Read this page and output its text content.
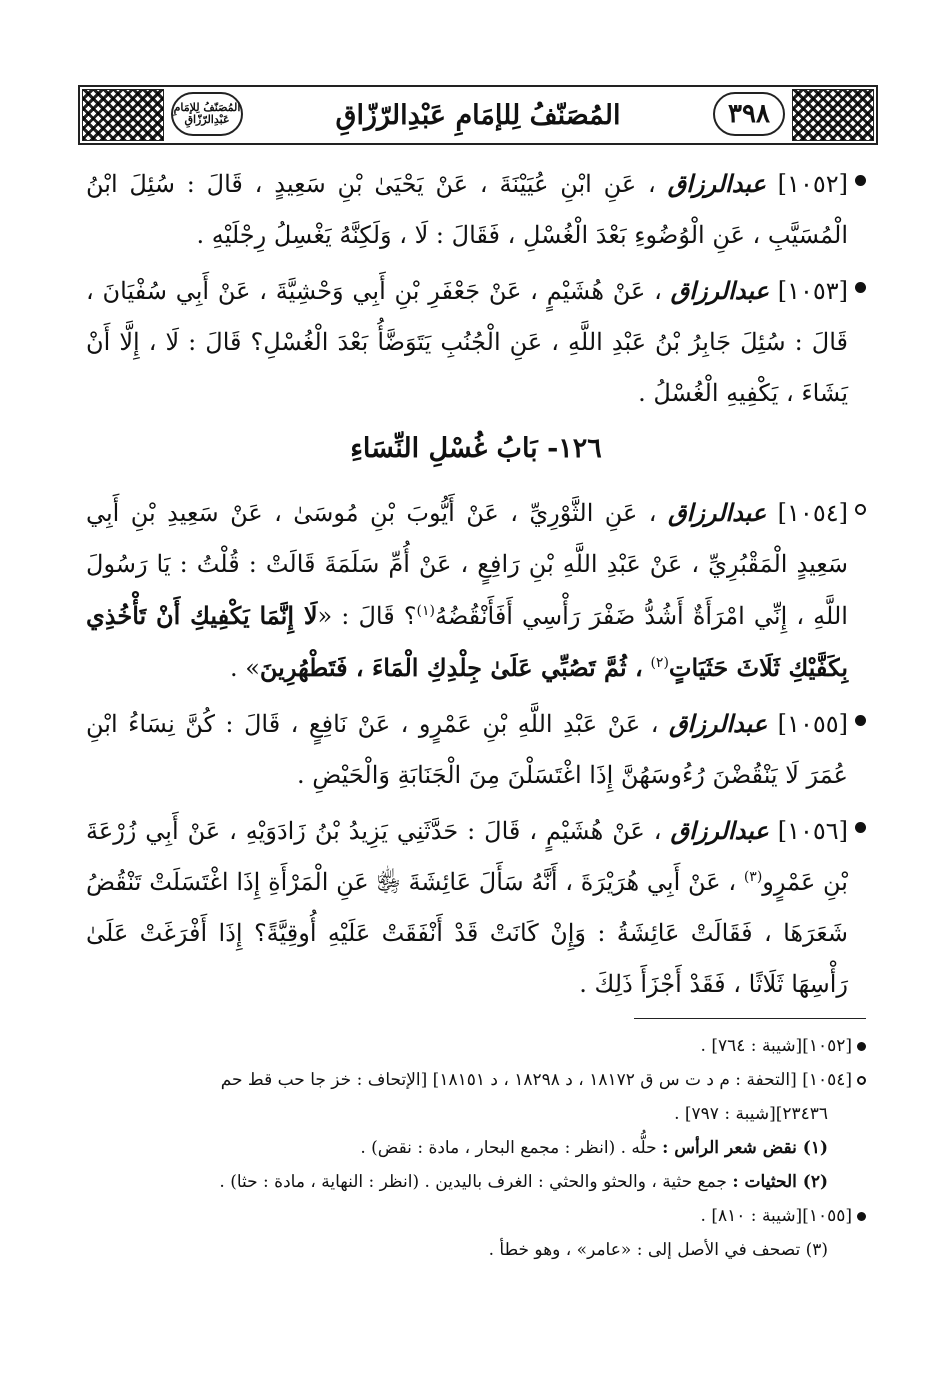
٣٩٨
المُصَنّفُ لِلإمَامِ عَبْدِالرّزّاقِ	المُصَنّفُ لِلإمَامِ عَبْدِالرّزّاقِ

[١٠٥٢] عبدالرزاق ، عَنِ ابْنِ عُيَيْنَةَ ، عَنْ يَحْيَىٰ بْنِ سَعِيدٍ ، قَالَ : سُئِلَ ابْنُ الْمُسَيَّبِ ، عَنِ الْوُضُوءِ بَعْدَ الْغُسْلِ ، فَقَالَ : لَا ، وَلَكِنَّهُ يَغْسِلُ رِجْلَيْهِ .

[١٠٥٣] عبدالرزاق ، عَنْ هُشَيْمٍ ، عَنْ جَعْفَرِ بْنِ أَبِي وَحْشِيَّةَ ، عَنْ أَبِي سُفْيَانَ ، قَالَ : سُئِلَ جَابِرُ بْنُ عَبْدِ اللَّهِ ، عَنِ الْجُنُبِ يَتَوَضَّأُ بَعْدَ الْغُسْلِ؟ قَالَ : لَا ، إِلَّا أَنْ يَشَاءَ ، يَكْفِيهِ الْغُسْلُ .

١٢٦- بَابُ غُسْلِ النِّسَاءِ

[١٠٥٤] عبدالرزاق ، عَنِ الثَّوْرِيِّ ، عَنْ أَيُّوبَ بْنِ مُوسَىٰ ، عَنْ سَعِيدِ بْنِ أَبِي سَعِيدٍ الْمَقْبُرِيِّ ، عَنْ عَبْدِ اللَّهِ بْنِ رَافِعٍ ، عَنْ أُمِّ سَلَمَةَ قَالَتْ : قُلْتُ : يَا رَسُولَ اللَّهِ ، إِنِّي امْرَأَةٌ أَشُدُّ ضَفْرَ رَأْسِي أَفَأَنْقُضُهُ$^{(١)}$؟ قَالَ : «لَا إِنَّمَا يَكْفِيكِ أَنْ تَأْخُذِي بِكَفَّيْكِ ثَلَاثَ حَثَيَاتٍ$^{(٢)}$ ، ثُمَّ تَصُبِّي عَلَىٰ جِلْدِكِ الْمَاءَ ، فَتَطْهُرِينَ» .

[١٠٥٥] عبدالرزاق ، عَنْ عَبْدِ اللَّهِ بْنِ عَمْرٍو ، عَنْ نَافِعٍ ، قَالَ : كُنَّ نِسَاءُ ابْنِ عُمَرَ لَا يَنْقُضْنَ رُءُوسَهُنَّ إِذَا اغْتَسَلْنَ مِنَ الْجَنَابَةِ وَالْحَيْضِ .

[١٠٥٦] عبدالرزاق ، عَنْ هُشَيْمٍ ، قَالَ : حَدَّثَنِي يَزِيدُ بْنُ زَادَوَيْهِ ، عَنْ أَبِي زُرْعَةَ بْنِ عَمْرٍو$^{(٣)}$ ، عَنْ أَبِي هُرَيْرَةَ ، أَنَّهُ سَأَلَ عَائِشَةَ ﵂ عَنِ الْمَرْأَةِ إِذَا اغْتَسَلَتْ تَنْقُضُ شَعَرَهَا ، فَقَالَتْ عَائِشَةُ : وَإِنْ كَانَتْ قَدْ أَنْفَقَتْ عَلَيْهِ أُوقِيَّةً؟ إِذَا أَفْرَغَتْ عَلَىٰ رَأْسِهَا ثَلَاثًا ، فَقَدْ أَجْزَأَ ذَلِكَ .

[١٠٥٢][شيبة : ٧٦٤] .

[١٠٥٤] [التحفة : م د ت س ق ١٨١٧٢ ، د ١٨٢٩٨ ، د ١٨١٥١] [الإتحاف : خز جا حب قط حم

٢٣٤٣٦][شيبة : ٧٩٧] .

(١) نقض شعر الرأس : حلُّه . (انظر : مجمع البحار ، مادة : نقض) .

(٢) الحثيات : جمع حثية ، والحثو والحثي : الغرف باليدين . (انظر : النهاية ، مادة : حثا) .

[١٠٥٥][شيبة : ٨١٠] .

(٣) تصحف في الأصل إلى : «عامر» ، وهو خطأ .
